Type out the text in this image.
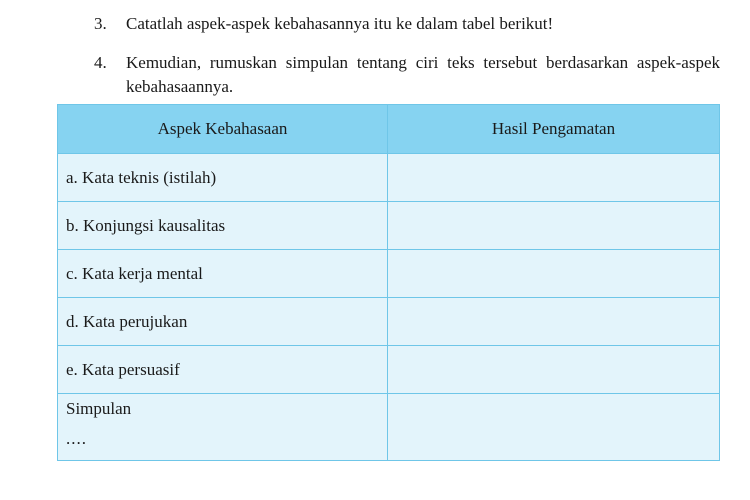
3. Catatlah aspek-aspek kebahasannya itu ke dalam tabel berikut!
4. Kemudian, rumuskan simpulan tentang ciri teks tersebut berdasarkan aspek-aspek kebahasaannya.
Aspek Kebahasaan	Hasil Pengamatan
a. Kata teknis (istilah)	
b. Konjungsi kausalitas	
c. Kata kerja mental	
d. Kata perujukan	
e. Kata persuasif	

Simpulan
....	
